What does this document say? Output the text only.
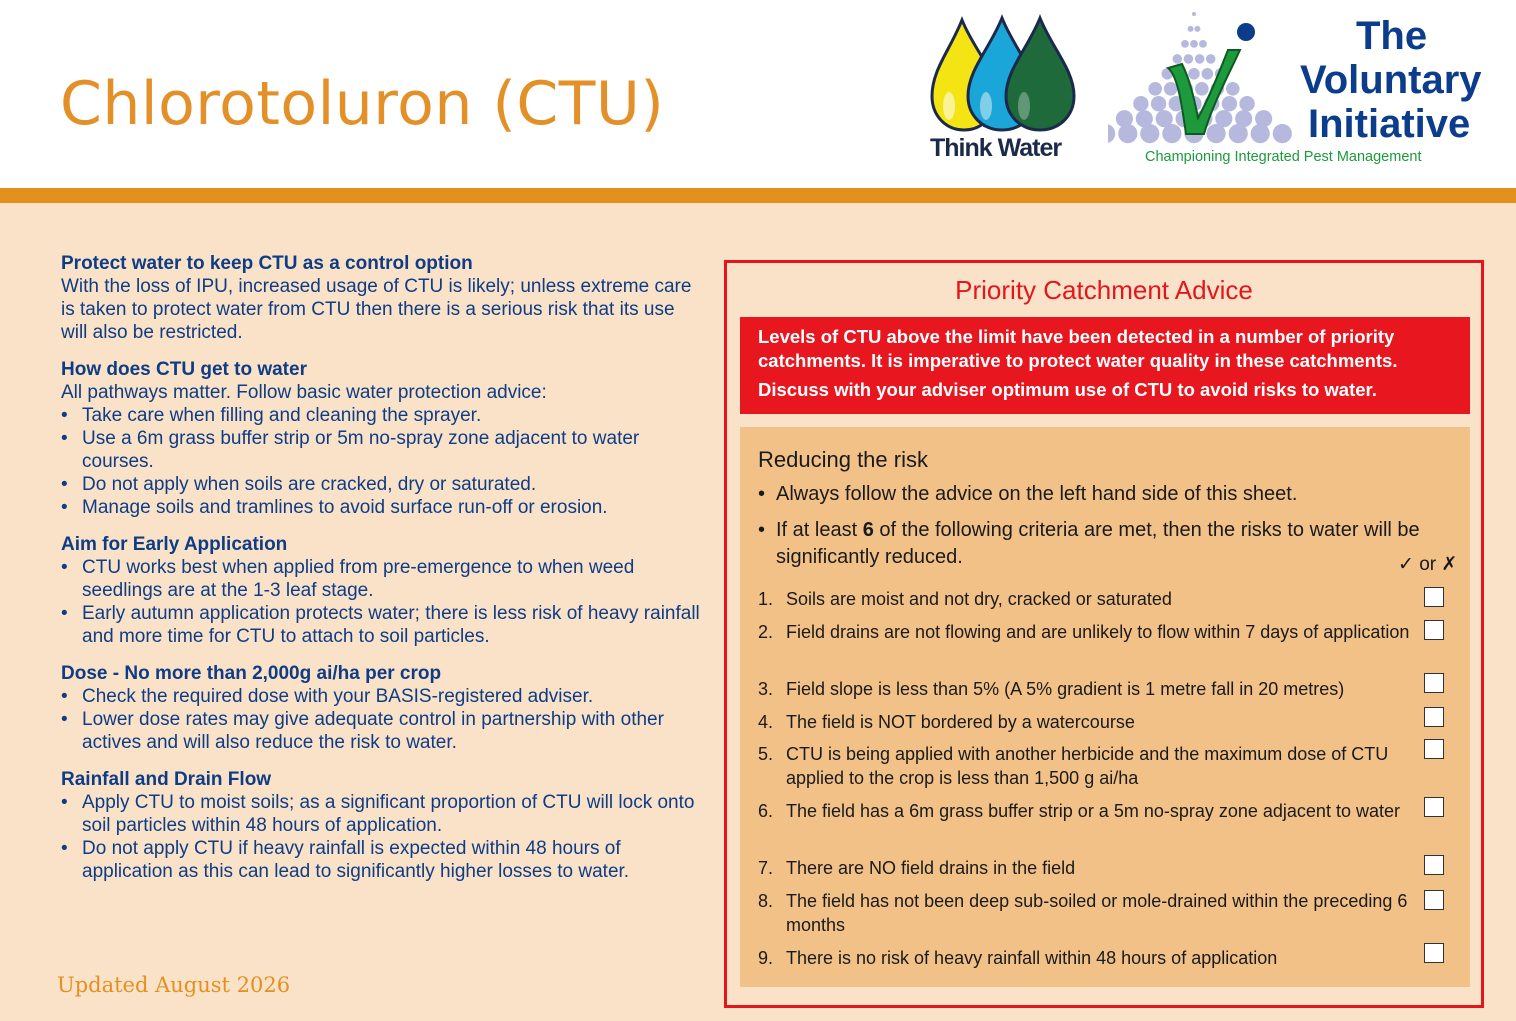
Chlorotoluron (CTU)
Think Water
The
Voluntary
Initiative
Championing Integrated Pest Management
Protect water to keep CTU as a control option

With the loss of IPU, increased usage of CTU is likely; unless extreme care is taken to protect water from CTU then there is a serious risk that its use will also be restricted.

How does CTU get to water

All pathways matter. Follow basic water protection advice:

• Take care when filling and cleaning the sprayer.
• Use a 6m grass buffer strip or 5m no-spray zone adjacent to water courses.
• Do not apply when soils are cracked, dry or saturated.
• Manage soils and tramlines to avoid surface run-off or erosion.
Aim for Early Application
• CTU works best when applied from pre-emergence to when weed seedlings are at the 1-3 leaf stage.
• Early autumn application protects water; there is less risk of heavy rainfall and more time for CTU to attach to soil particles.
Dose - No more than 2,000g ai/ha per crop
• Check the required dose with your BASIS-registered adviser.
• Lower dose rates may give adequate control in partnership with other actives and will also reduce the risk to water.
Rainfall and Drain Flow
• Apply CTU to moist soils; as a significant proportion of CTU will lock onto soil particles within 48 hours of application.
• Do not apply CTU if heavy rainfall is expected within 48 hours of application as this can lead to significantly higher losses to water.
Updated August 2026
Priority Catchment Advice
Levels of CTU above the limit have been detected in a number of priority
catchments. It is imperative to protect water quality in these catchments.
Discuss with your adviser optimum use of CTU to avoid risks to water.
Reducing the risk
• Always follow the advice on the left hand side of this sheet.
• If at least 6 of the following criteria are met, then the risks to water will be significantly reduced.	✓ or ✗
1. Soils are moist and not dry, cracked or saturated
2. Field drains are not flowing and are unlikely to flow within 7 days of application
3. Field slope is less than 5% (A 5% gradient is 1 metre fall in 20 metres)
4. The field is NOT bordered by a watercourse
5. CTU is being applied with another herbicide and the maximum dose of CTU applied to the crop is less than 1,500 g ai/ha
6. The field has a 6m grass buffer strip or a 5m no-spray zone adjacent to water
7. There are NO field drains in the field
8. The field has not been deep sub-soiled or mole-drained within the preceding 6 months
9. There is no risk of heavy rainfall within 48 hours of application
